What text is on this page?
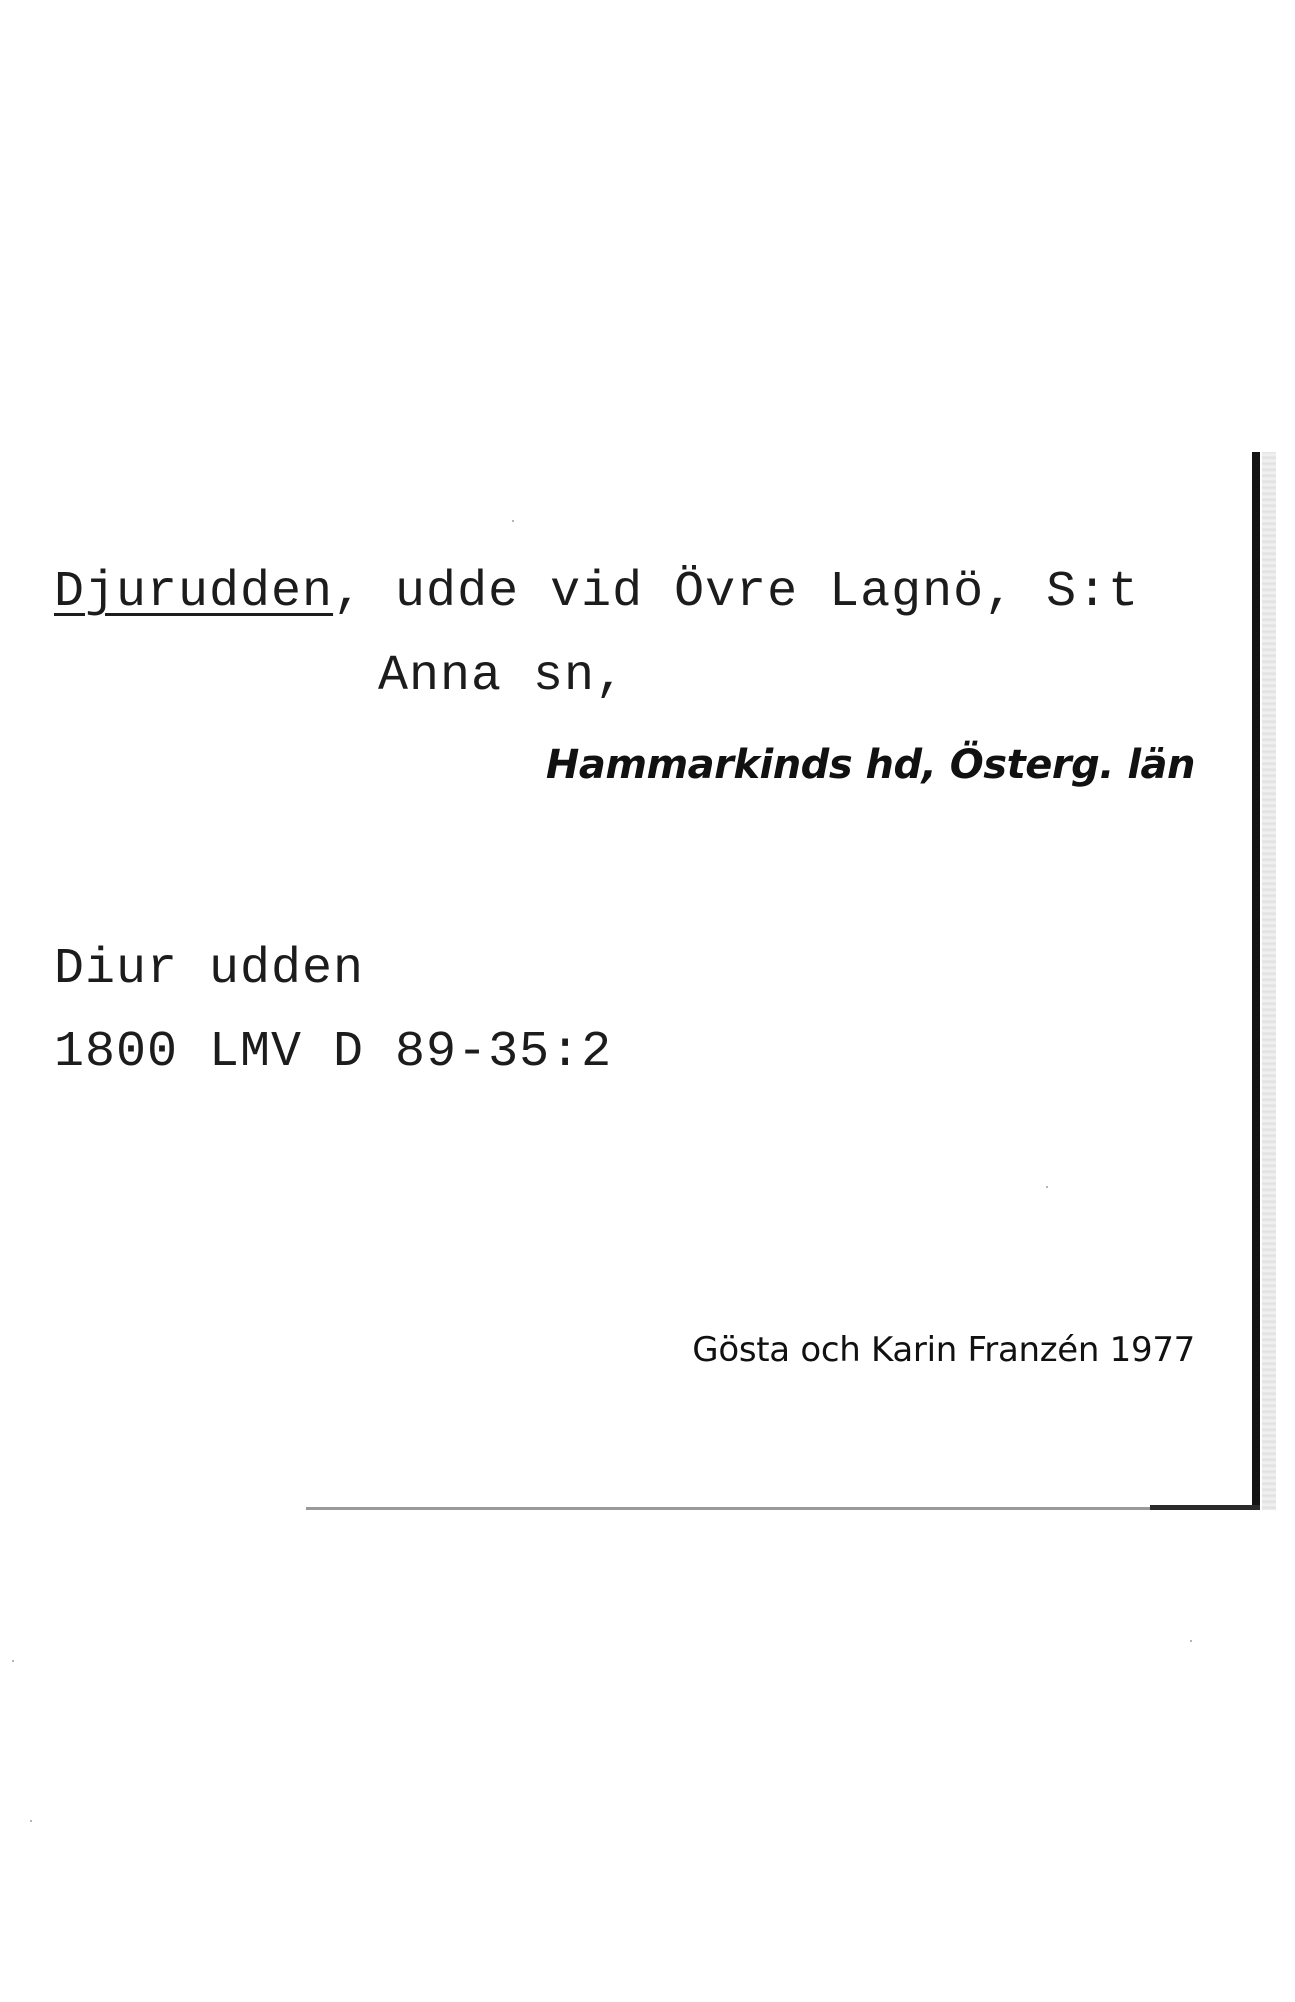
Djurudden, udde vid Övre Lagnö, S:t
Anna sn,
Hammarkinds hd, Österg. län
Diur udden
1800 LMV D 89-35:2
Gösta och Karin Franzén 1977
